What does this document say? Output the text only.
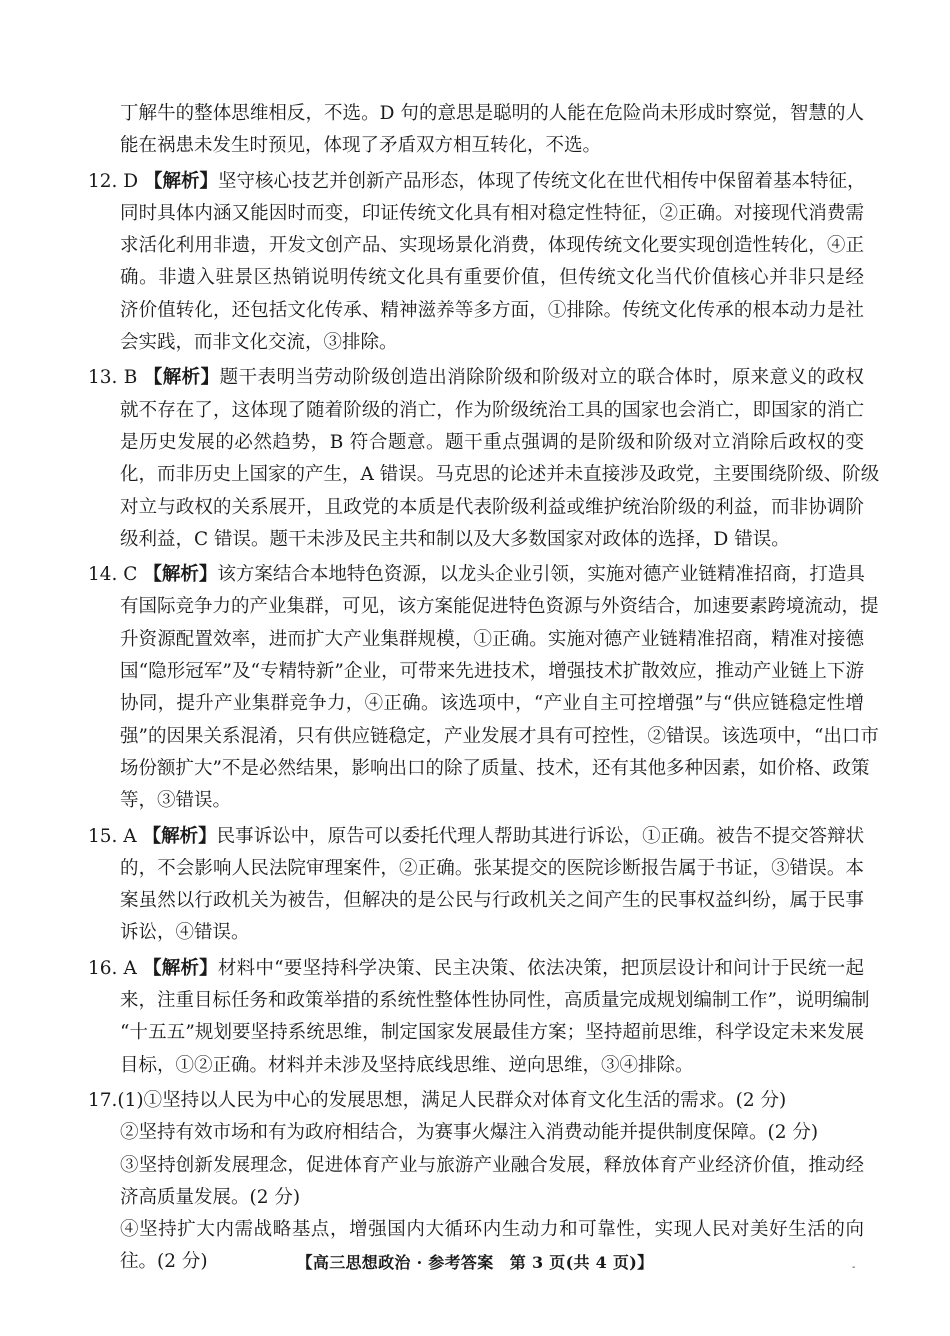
丁解牛的整体思维相反，不选。D 句的意思是聪明的人能在危险尚未形成时察觉，智慧的人
能在祸患未发生时预见，体现了矛盾双方相互转化，不选。
12. D 【解析】坚守核心技艺并创新产品形态，体现了传统文化在世代相传中保留着基本特征，
同时具体内涵又能因时而变，印证传统文化具有相对稳定性特征，②正确。对接现代消费需
求活化利用非遗，开发文创产品、实现场景化消费，体现传统文化要实现创造性转化，④正
确。非遗入驻景区热销说明传统文化具有重要价值，但传统文化当代价值核心并非只是经
济价值转化，还包括文化传承、精神滋养等多方面，①排除。传统文化传承的根本动力是社
会实践，而非文化交流，③排除。
13. B 【解析】题干表明当劳动阶级创造出消除阶级和阶级对立的联合体时，原来意义的政权
就不存在了，这体现了随着阶级的消亡，作为阶级统治工具的国家也会消亡，即国家的消亡
是历史发展的必然趋势，B 符合题意。题干重点强调的是阶级和阶级对立消除后政权的变
化，而非历史上国家的产生，A 错误。马克思的论述并未直接涉及政党，主要围绕阶级、阶级
对立与政权的关系展开，且政党的本质是代表阶级利益或维护统治阶级的利益，而非协调阶
级利益，C 错误。题干未涉及民主共和制以及大多数国家对政体的选择，D 错误。
14. C 【解析】该方案结合本地特色资源，以龙头企业引领，实施对德产业链精准招商，打造具
有国际竞争力的产业集群，可见，该方案能促进特色资源与外资结合，加速要素跨境流动，提
升资源配置效率，进而扩大产业集群规模，①正确。实施对德产业链精准招商，精准对接德
国“隐形冠军”及“专精特新”企业，可带来先进技术，增强技术扩散效应，推动产业链上下游
协同，提升产业集群竞争力，④正确。该选项中，“产业自主可控增强”与“供应链稳定性增
强”的因果关系混淆，只有供应链稳定，产业发展才具有可控性，②错误。该选项中，“出口市
场份额扩大”不是必然结果，影响出口的除了质量、技术，还有其他多种因素，如价格、政策
等，③错误。
15. A 【解析】民事诉讼中，原告可以委托代理人帮助其进行诉讼，①正确。被告不提交答辩状
的，不会影响人民法院审理案件，②正确。张某提交的医院诊断报告属于书证，③错误。本
案虽然以行政机关为被告，但解决的是公民与行政机关之间产生的民事权益纠纷，属于民事
诉讼，④错误。
16. A 【解析】材料中“要坚持科学决策、民主决策、依法决策，把顶层设计和问计于民统一起
来，注重目标任务和政策举措的系统性整体性协同性，高质量完成规划编制工作”，说明编制
“十五五”规划要坚持系统思维，制定国家发展最佳方案；坚持超前思维，科学设定未来发展
目标，①②正确。材料并未涉及坚持底线思维、逆向思维，③④排除。
17.(1)①坚持以人民为中心的发展思想，满足人民群众对体育文化生活的需求。(2 分)
②坚持有效市场和有为政府相结合，为赛事火爆注入消费动能并提供制度保障。(2 分)
③坚持创新发展理念，促进体育产业与旅游产业融合发展，释放体育产业经济价值，推动经
济高质量发展。(2 分)
④坚持扩大内需战略基点，增强国内大循环内生动力和可靠性，实现人民对美好生活的向
往。(2 分)	【高三思想政治 · 参考答案　第 3 页(共 4 页)】	-
